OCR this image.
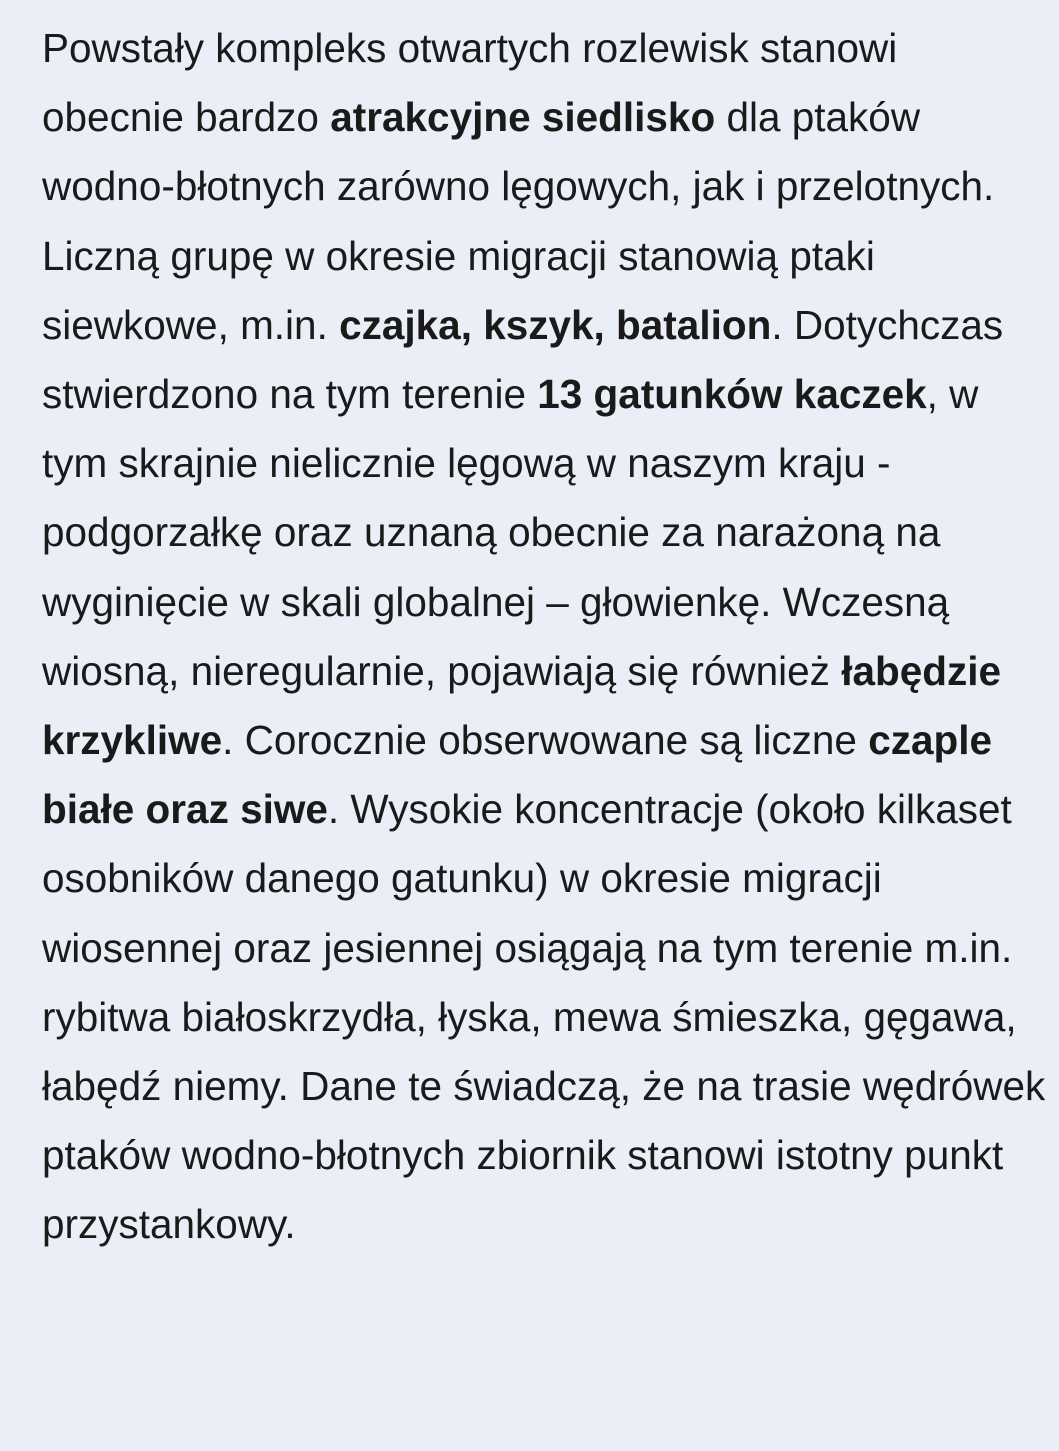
Powstały kompleks otwartych rozlewisk stanowi obecnie bardzo atrakcyjne siedlisko dla ptaków wodno-błotnych zarówno lęgowych, jak i przelotnych. Liczną grupę w okresie migracji stanowią ptaki siewkowe, m.in. czajka, kszyk, batalion. Dotychczas stwierdzono na tym terenie 13 gatunków kaczek, w tym skrajnie nielicznie lęgową w naszym kraju - podgorzałkę oraz uznaną obecnie za narażoną na wyginięcie w skali globalnej – głowienkę. Wczesną wiosną, nieregularnie, pojawiają się również łabędzie krzykliwe. Corocznie obserwowane są liczne czaple białe oraz siwe. Wysokie koncentracje (około kilkaset osobników danego gatunku) w okresie migracji wiosennej oraz jesiennej osiągają na tym terenie m.in. rybitwa białoskrzydła, łyska, mewa śmieszka, gęgawa, łabędź niemy. Dane te świadczą, że na trasie wędrówek ptaków wodno-błotnych zbiornik stanowi istotny punkt przystankowy.
